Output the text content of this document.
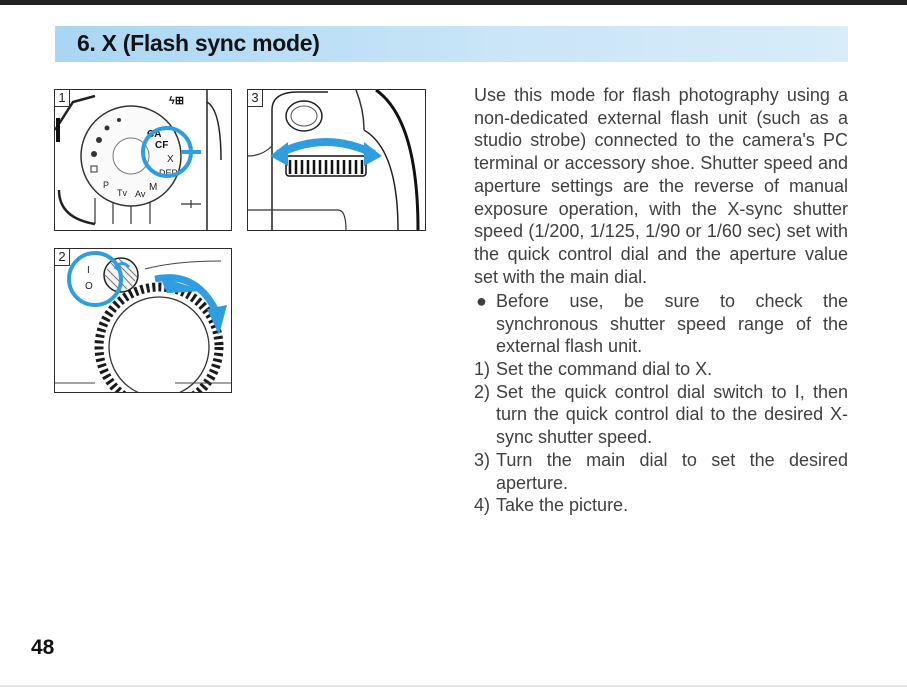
6. X (Flash sync mode)
1
CA
CF
X
DEP
M
Av
Tv
P
ϟ⊞
2
I
O
3	Use this mode for flash photography using a non-dedicated external flash unit (such as a studio strobe) connected to the camera's PC terminal or accessory shoe. Shutter speed and aperture settings are the reverse of manual exposure operation, with the X-sync shutter speed (1/200, 1/125, 1/90 or 1/60 sec) set with the quick control dial and the aperture value set with the main dial.

● Before use, be sure to check the synchronous shutter speed range of the external flash unit.
1) Set the command dial to X.
2) Set the quick control dial switch to I, then turn the quick control dial to the desired X-sync shutter speed.
3) Turn the main dial to set the desired aperture.
4) Take the picture.
48
